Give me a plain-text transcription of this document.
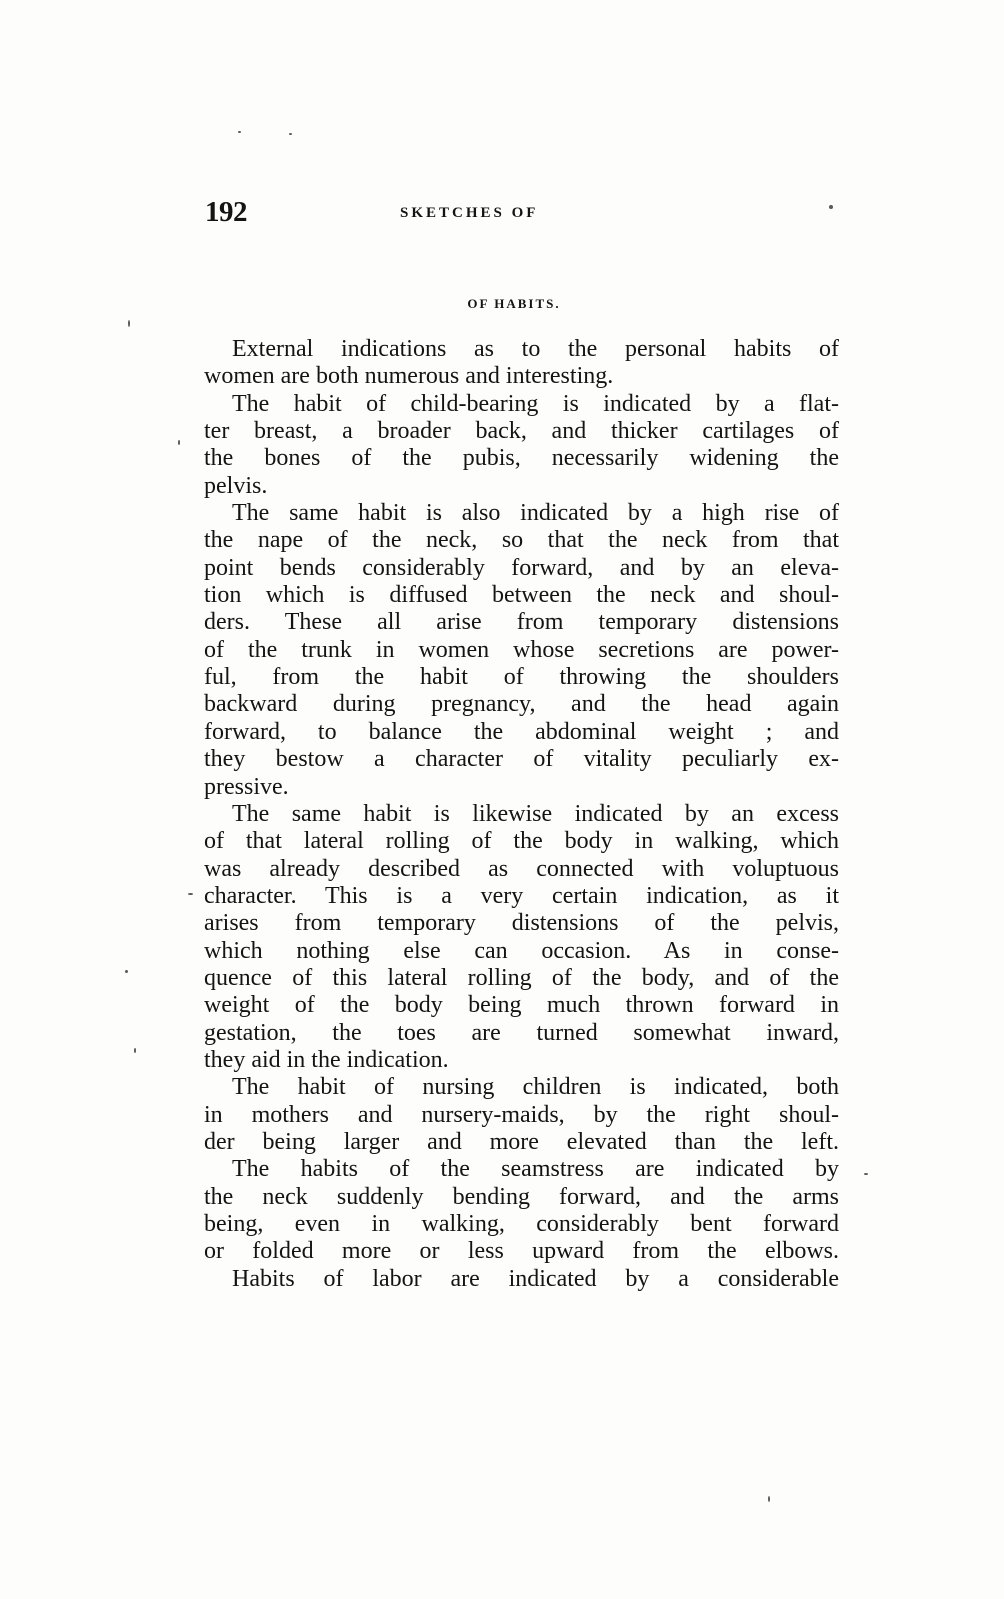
192	SKETCHES OF
OF HABITS.
External indications as to the personal habits of
women are both numerous and interesting.
The habit of child-bearing is indicated by a flat-
ter breast, a broader back, and thicker cartilages of
the bones of the pubis, necessarily widening the
pelvis.
The same habit is also indicated by a high rise of
the nape of the neck, so that the neck from that
point bends considerably forward, and by an eleva-
tion which is diffused between the neck and shoul-
ders. These all arise from temporary distensions
of the trunk in women whose secretions are power-
ful, from the habit of throwing the shoulders
backward during pregnancy, and the head again
forward, to balance the abdominal weight ; and
they bestow a character of vitality peculiarly ex-
pressive.
The same habit is likewise indicated by an excess
of that lateral rolling of the body in walking, which
was already described as connected with voluptuous
character. This is a very certain indication, as it
arises from temporary distensions of the pelvis,
which nothing else can occasion. As in conse-
quence of this lateral rolling of the body, and of the
weight of the body being much thrown forward in
gestation, the toes are turned somewhat inward,
they aid in the indication.
The habit of nursing children is indicated, both
in mothers and nursery-maids, by the right shoul-
der being larger and more elevated than the left.
The habits of the seamstress are indicated by
the neck suddenly bending forward, and the arms
being, even in walking, considerably bent forward
or folded more or less upward from the elbows.
Habits of labor are indicated by a considerable
